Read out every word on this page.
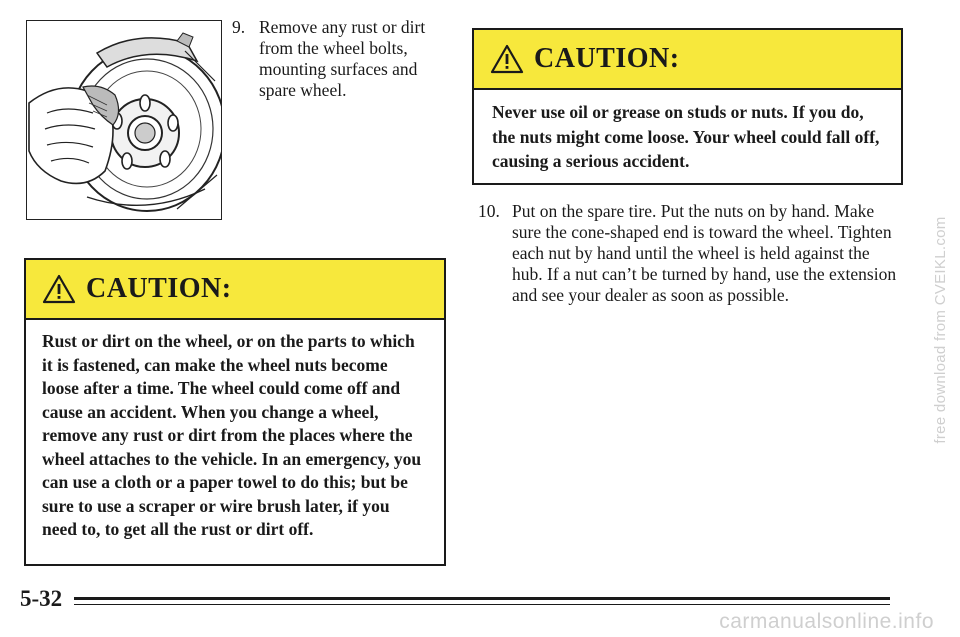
9. Remove any rust or dirt from the wheel bolts, mounting surfaces and spare wheel.
CAUTION:
Never use oil or grease on studs or nuts. If you do, the nuts might come loose. Your wheel could fall off, causing a serious accident.
CAUTION:
Rust or dirt on the wheel, or on the parts to which it is fastened, can make the wheel nuts become loose after a time. The wheel could come off and cause an accident. When you change a wheel, remove any rust or dirt from the places where the wheel attaches to the vehicle. In an emergency, you can use a cloth or a paper towel to do this; but be sure to use a scraper or wire brush later, if you need to, to get all the rust or dirt off.
10. Put on the spare tire. Put the nuts on by hand. Make sure the cone-shaped end is toward the wheel. Tighten each nut by hand until the wheel is held against the hub. If a nut can’t be turned by hand, use the extension and see your dealer as soon as possible.
5-32
free download from CVEIKL.com
carmanualsonline.info
